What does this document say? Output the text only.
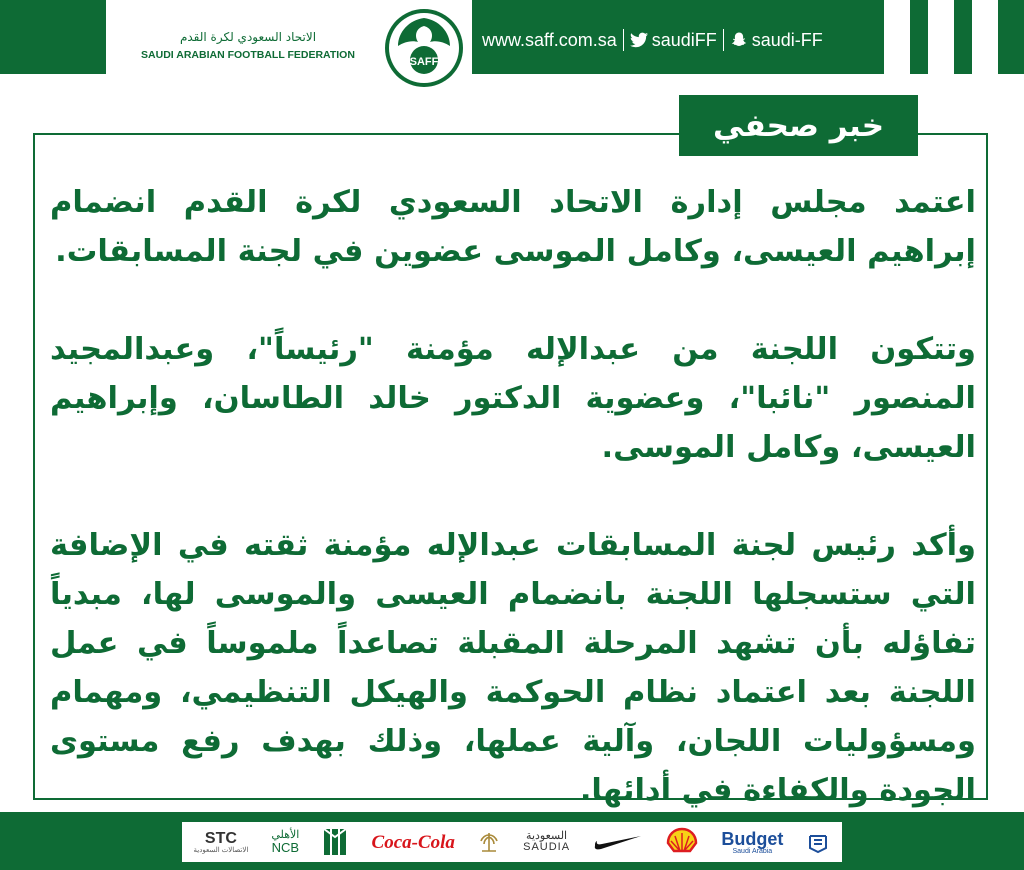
الاتحاد السعودي لكرة القدم
SAUDI ARABIAN FOOTBALL FEDERATION
SAFF
www.saff.com.sa saudiFF saudi-FF
خبر صحفي

اعتمد مجلس إدارة الاتحاد السعودي لكرة القدم انضمام إبراهيم العيسى، وكامل الموسى عضوين في لجنة المسابقات.

وتتكون اللجنة من عبدالإله مؤمنة "رئيساً"، وعبدالمجيد المنصور "نائبا"، وعضوية الدكتور خالد الطاسان، وإبراهيم العيسى، وكامل الموسى.

وأكد رئيس لجنة المسابقات عبدالإله مؤمنة ثقته في الإضافة التي ستسجلها اللجنة بانضمام العيسى والموسى لها، مبدياً تفاؤله بأن تشهد المرحلة المقبلة تصاعداً ملموساً في عمل اللجنة بعد اعتماد نظام الحوكمة والهيكل التنظيمي، ومهمام ومسؤوليات اللجان، وآلية عملها، وذلك بهدف رفع مستوى الجودة والكفاءة في أدائها.

STC
الاتصالات السعودية
الأهلي
NCB	Coca-Cola	السعودية
SAUDIA	Budget
Saudi Arabia
